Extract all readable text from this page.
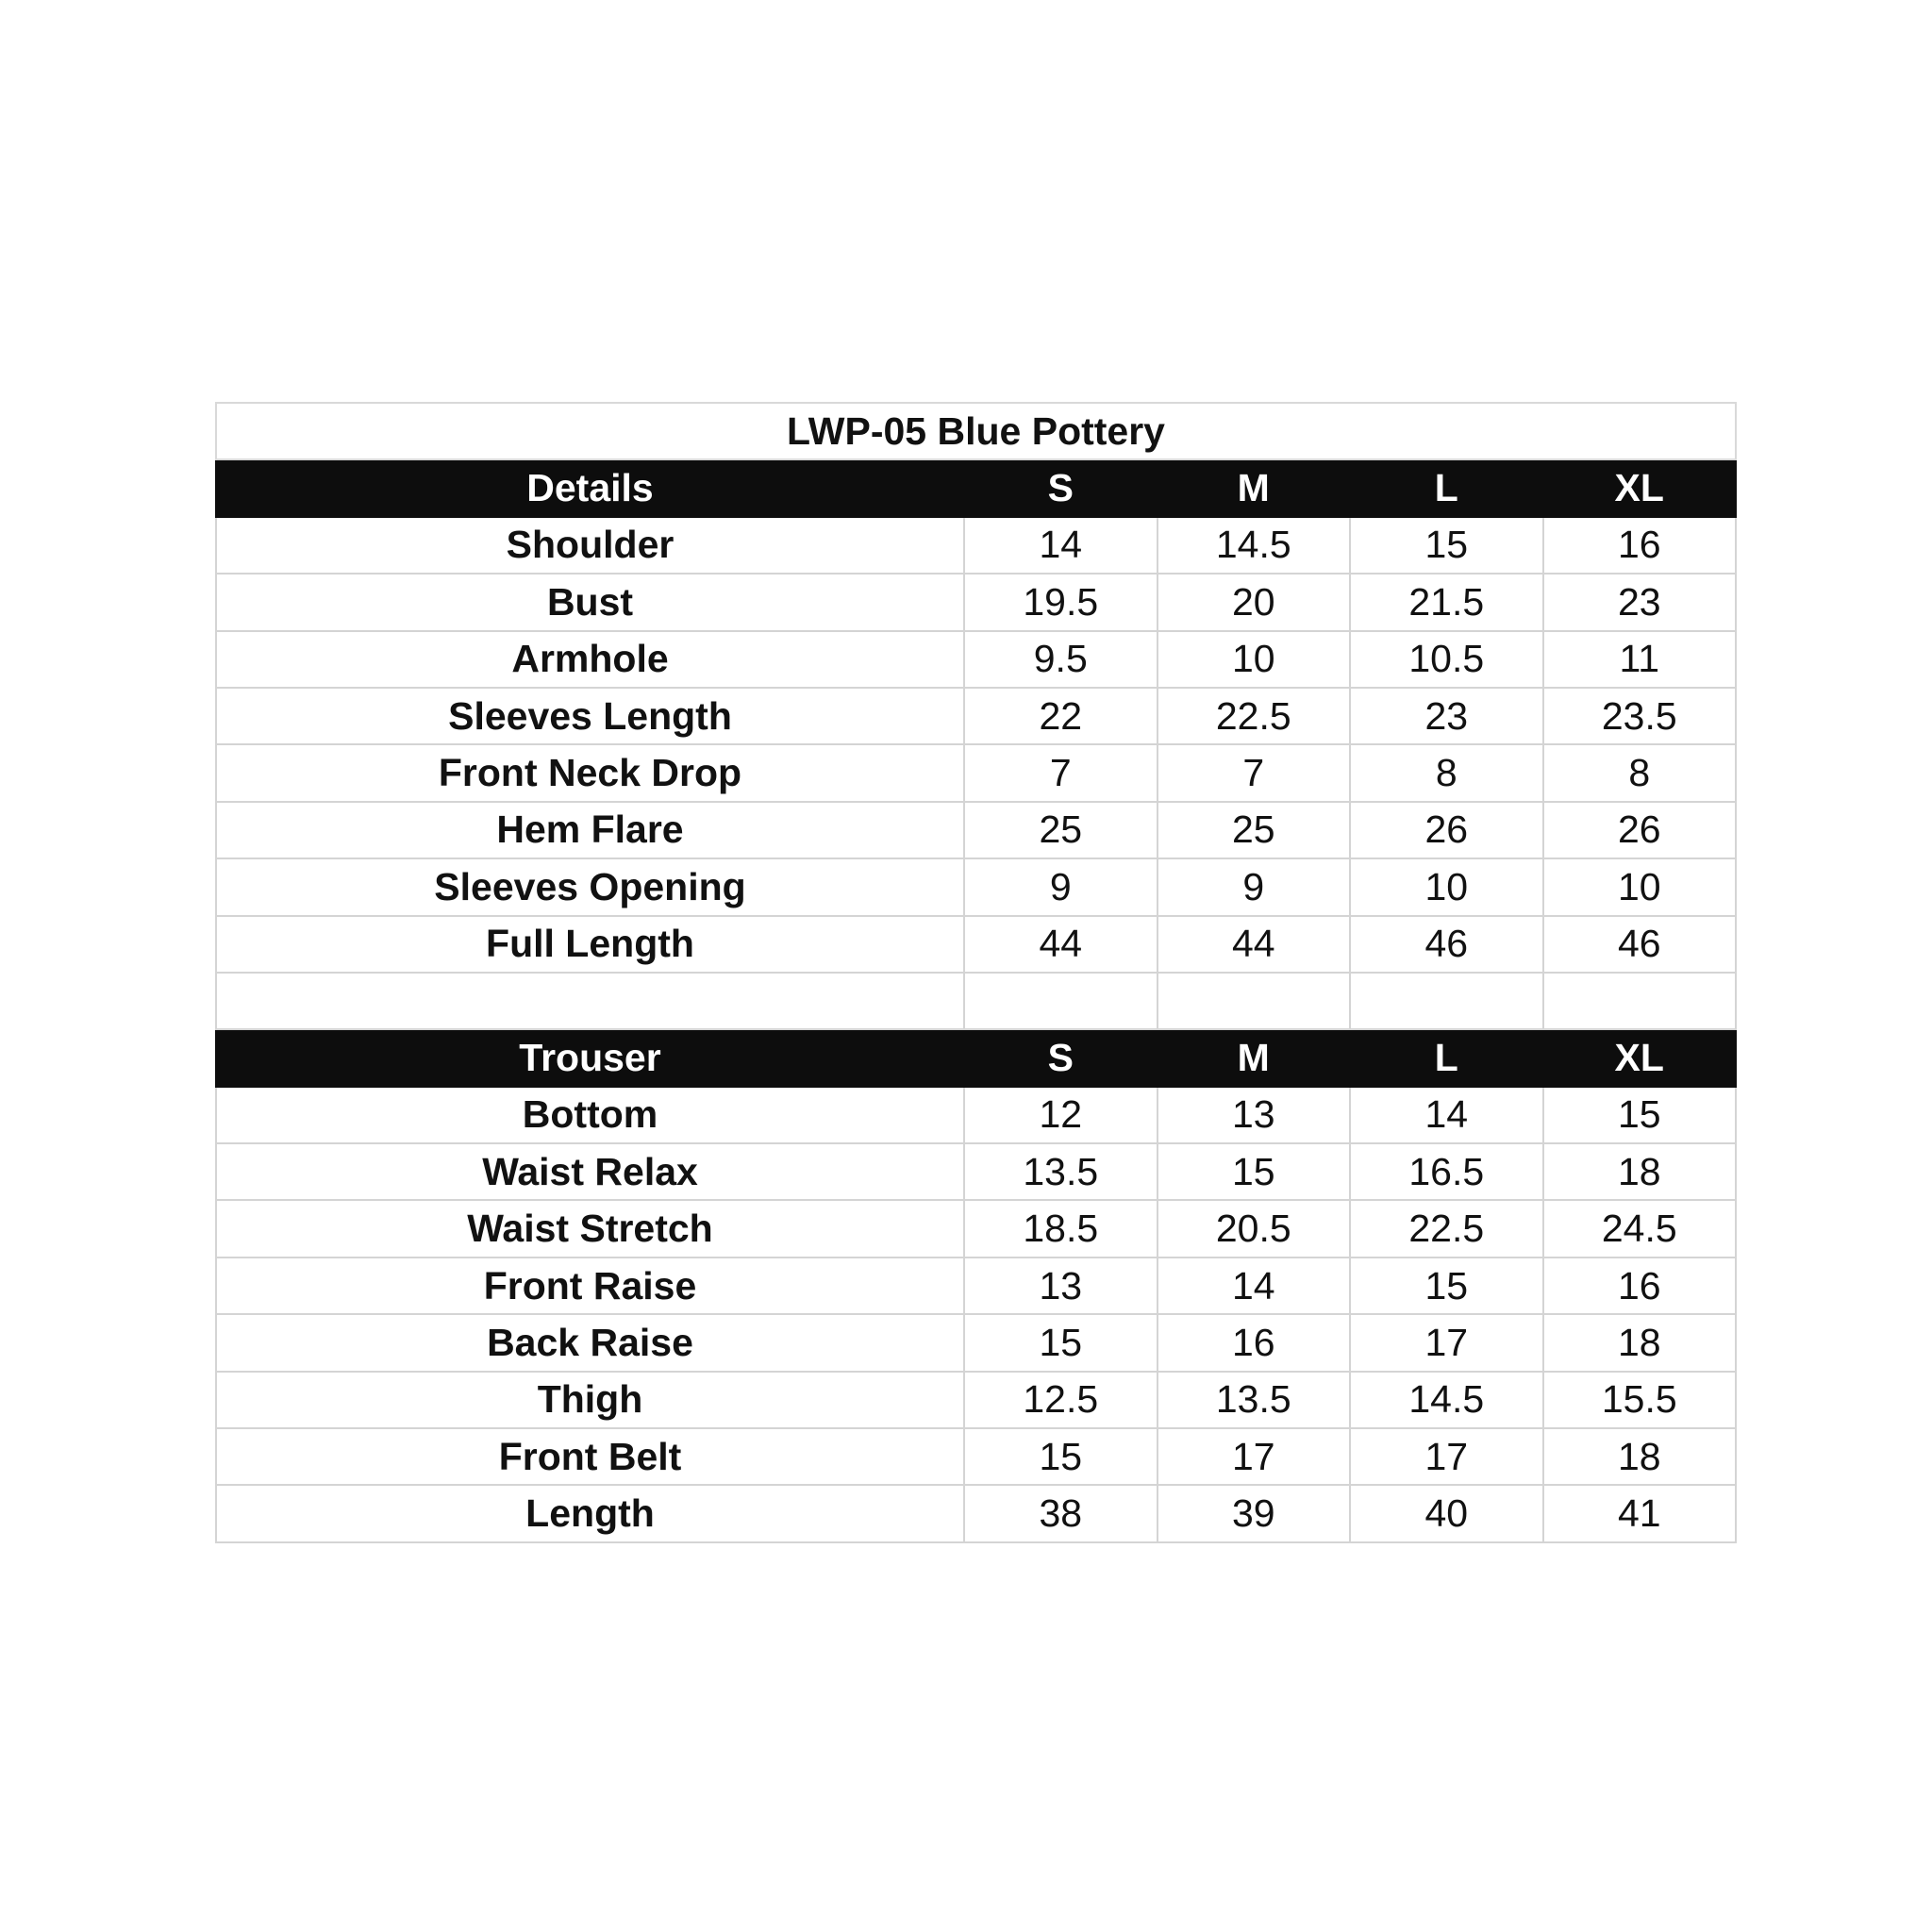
LWP-05 Blue Pottery				
Details	S	M	L	XL
Shoulder	14	14.5	15	16
Bust	19.5	20	21.5	23
Armhole	9.5	10	10.5	11
Sleeves Length	22	22.5	23	23.5
Front Neck Drop	7	7	8	8
Hem Flare	25	25	26	26
Sleeves Opening	9	9	10	10
Full Length	44	44	46	46

Trouser	S	M	L	XL
Bottom	12	13	14	15
Waist Relax	13.5	15	16.5	18
Waist Stretch	18.5	20.5	22.5	24.5
Front Raise	13	14	15	16
Back Raise	15	16	17	18
Thigh	12.5	13.5	14.5	15.5
Front Belt	15	17	17	18
Length	38	39	40	41
